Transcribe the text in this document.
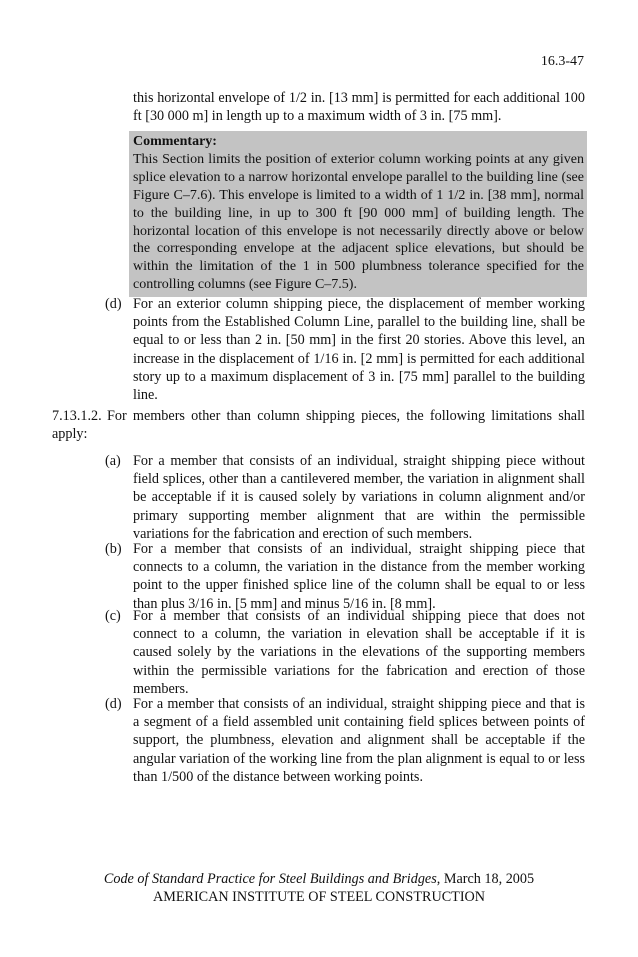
16.3-47
this horizontal envelope of 1/2 in. [13 mm] is permitted for each additional 100 ft [30 000 m] in length up to a maximum width of 3 in. [75 mm].
Commentary:
This Section limits the position of exterior column working points at any given splice elevation to a narrow horizontal envelope parallel to the building line (see Figure C–7.6). This envelope is limited to a width of 1 1/2 in. [38 mm], normal to the building line, in up to 300 ft [90 000 mm] of building length. The horizontal location of this envelope is not necessarily directly above or below the corresponding envelope at the adjacent splice elevations, but should be within the limitation of the 1 in 500 plumbness tolerance specified for the controlling columns (see Figure C–7.5).
(d) For an exterior column shipping piece, the displacement of member working points from the Established Column Line, parallel to the building line, shall be equal to or less than 2 in. [50 mm] in the first 20 stories. Above this level, an increase in the displacement of 1/16 in. [2 mm] is permitted for each additional story up to a maximum displacement of 3 in. [75 mm] parallel to the building line.
7.13.1.2. For members other than column shipping pieces, the following limitations shall apply:
(a) For a member that consists of an individual, straight shipping piece without field splices, other than a cantilevered member, the variation in alignment shall be acceptable if it is caused solely by variations in column alignment and/or primary supporting member alignment that are within the permissible variations for the fabrication and erection of such members.
(b) For a member that consists of an individual, straight shipping piece that connects to a column, the variation in the distance from the member working point to the upper finished splice line of the column shall be equal to or less than plus 3/16 in. [5 mm] and minus 5/16 in. [8 mm].
(c) For a member that consists of an individual shipping piece that does not connect to a column, the variation in elevation shall be acceptable if it is caused solely by the variations in the elevations of the supporting members within the permissible variations for the fabrication and erection of those members.
(d) For a member that consists of an individual, straight shipping piece and that is a segment of a field assembled unit containing field splices between points of support, the plumbness, elevation and alignment shall be acceptable if the angular variation of the working line from the plan alignment is equal to or less than 1/500 of the distance between working points.
Code of Standard Practice for Steel Buildings and Bridges, March 18, 2005
AMERICAN INSTITUTE OF STEEL CONSTRUCTION
